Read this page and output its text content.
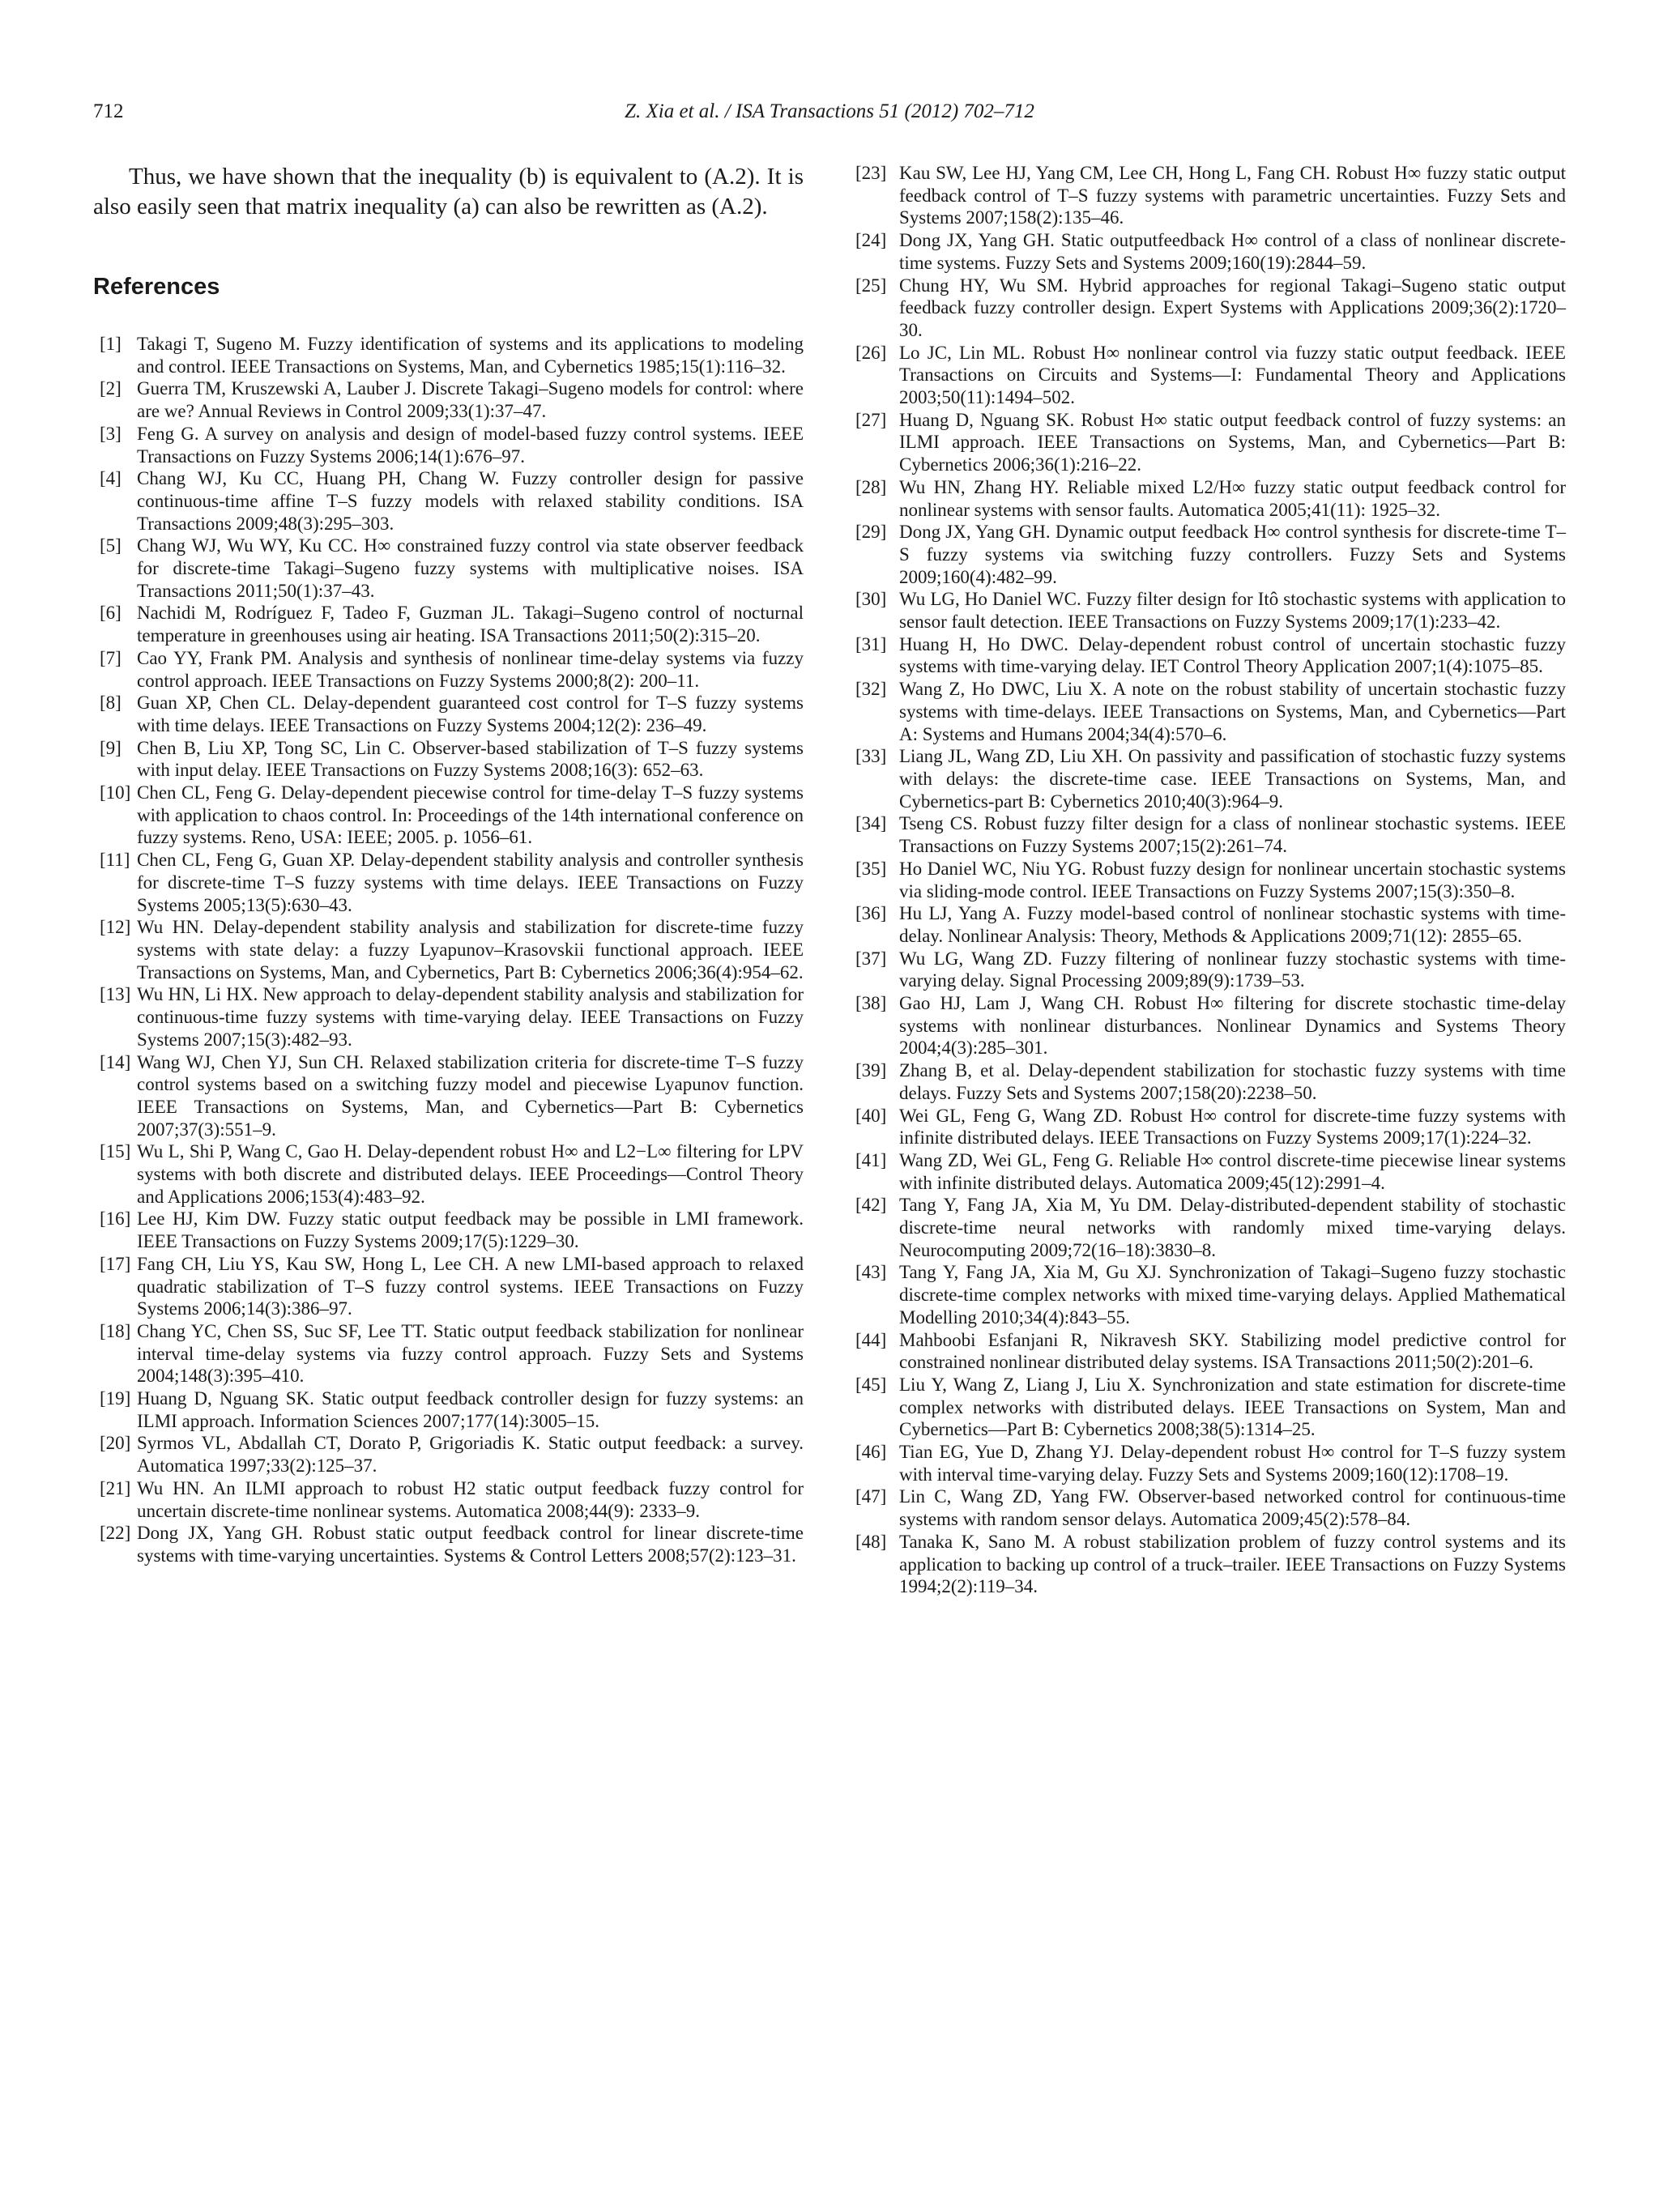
712	Z. Xia et al. / ISA Transactions 51 (2012) 702–712

Thus, we have shown that the inequality (b) is equivalent to (A.2). It is also easily seen that matrix inequality (a) can also be rewritten as (A.2).

References
[1] Takagi T, Sugeno M. Fuzzy identification of systems and its applications to modeling and control. IEEE Transactions on Systems, Man, and Cybernetics 1985;15(1):116–32.
[2] Guerra TM, Kruszewski A, Lauber J. Discrete Takagi–Sugeno models for control: where are we? Annual Reviews in Control 2009;33(1):37–47.
[3] Feng G. A survey on analysis and design of model-based fuzzy control systems. IEEE Transactions on Fuzzy Systems 2006;14(1):676–97.
[4] Chang WJ, Ku CC, Huang PH, Chang W. Fuzzy controller design for passive continuous-time affine T–S fuzzy models with relaxed stability conditions. ISA Transactions 2009;48(3):295–303.
[5] Chang WJ, Wu WY, Ku CC. H∞ constrained fuzzy control via state observer feedback for discrete-time Takagi–Sugeno fuzzy systems with multiplicative noises. ISA Transactions 2011;50(1):37–43.
[6] Nachidi M, Rodríguez F, Tadeo F, Guzman JL. Takagi–Sugeno control of nocturnal temperature in greenhouses using air heating. ISA Transactions 2011;50(2):315–20.
[7] Cao YY, Frank PM. Analysis and synthesis of nonlinear time-delay systems via fuzzy control approach. IEEE Transactions on Fuzzy Systems 2000;8(2): 200–11.
[8] Guan XP, Chen CL. Delay-dependent guaranteed cost control for T–S fuzzy systems with time delays. IEEE Transactions on Fuzzy Systems 2004;12(2): 236–49.
[9] Chen B, Liu XP, Tong SC, Lin C. Observer-based stabilization of T–S fuzzy systems with input delay. IEEE Transactions on Fuzzy Systems 2008;16(3): 652–63.
[10] Chen CL, Feng G. Delay-dependent piecewise control for time-delay T–S fuzzy systems with application to chaos control. In: Proceedings of the 14th international conference on fuzzy systems. Reno, USA: IEEE; 2005. p. 1056–61.
[11] Chen CL, Feng G, Guan XP. Delay-dependent stability analysis and controller synthesis for discrete-time T–S fuzzy systems with time delays. IEEE Transactions on Fuzzy Systems 2005;13(5):630–43.
[12] Wu HN. Delay-dependent stability analysis and stabilization for discrete-time fuzzy systems with state delay: a fuzzy Lyapunov–Krasovskii functional approach. IEEE Transactions on Systems, Man, and Cybernetics, Part B: Cybernetics 2006;36(4):954–62.
[13] Wu HN, Li HX. New approach to delay-dependent stability analysis and stabilization for continuous-time fuzzy systems with time-varying delay. IEEE Transactions on Fuzzy Systems 2007;15(3):482–93.
[14] Wang WJ, Chen YJ, Sun CH. Relaxed stabilization criteria for discrete-time T–S fuzzy control systems based on a switching fuzzy model and piecewise Lyapunov function. IEEE Transactions on Systems, Man, and Cybernetics—Part B: Cybernetics 2007;37(3):551–9.
[15] Wu L, Shi P, Wang C, Gao H. Delay-dependent robust H∞ and L2−L∞ filtering for LPV systems with both discrete and distributed delays. IEEE Proceedings—Control Theory and Applications 2006;153(4):483–92.
[16] Lee HJ, Kim DW. Fuzzy static output feedback may be possible in LMI framework. IEEE Transactions on Fuzzy Systems 2009;17(5):1229–30.
[17] Fang CH, Liu YS, Kau SW, Hong L, Lee CH. A new LMI-based approach to relaxed quadratic stabilization of T–S fuzzy control systems. IEEE Transactions on Fuzzy Systems 2006;14(3):386–97.
[18] Chang YC, Chen SS, Suc SF, Lee TT. Static output feedback stabilization for nonlinear interval time-delay systems via fuzzy control approach. Fuzzy Sets and Systems 2004;148(3):395–410.
[19] Huang D, Nguang SK. Static output feedback controller design for fuzzy systems: an ILMI approach. Information Sciences 2007;177(14):3005–15.
[20] Syrmos VL, Abdallah CT, Dorato P, Grigoriadis K. Static output feedback: a survey. Automatica 1997;33(2):125–37.
[21] Wu HN. An ILMI approach to robust H2 static output feedback fuzzy control for uncertain discrete-time nonlinear systems. Automatica 2008;44(9): 2333–9.
[22] Dong JX, Yang GH. Robust static output feedback control for linear discrete-time systems with time-varying uncertainties. Systems & Control Letters 2008;57(2):123–31.
[23] Kau SW, Lee HJ, Yang CM, Lee CH, Hong L, Fang CH. Robust H∞ fuzzy static output feedback control of T–S fuzzy systems with parametric uncertainties. Fuzzy Sets and Systems 2007;158(2):135–46.
[24] Dong JX, Yang GH. Static outputfeedback H∞ control of a class of nonlinear discrete-time systems. Fuzzy Sets and Systems 2009;160(19):2844–59.
[25] Chung HY, Wu SM. Hybrid approaches for regional Takagi–Sugeno static output feedback fuzzy controller design. Expert Systems with Applications 2009;36(2):1720–30.
[26] Lo JC, Lin ML. Robust H∞ nonlinear control via fuzzy static output feedback. IEEE Transactions on Circuits and Systems—I: Fundamental Theory and Applications 2003;50(11):1494–502.
[27] Huang D, Nguang SK. Robust H∞ static output feedback control of fuzzy systems: an ILMI approach. IEEE Transactions on Systems, Man, and Cybernetics—Part B: Cybernetics 2006;36(1):216–22.
[28] Wu HN, Zhang HY. Reliable mixed L2/H∞ fuzzy static output feedback control for nonlinear systems with sensor faults. Automatica 2005;41(11): 1925–32.
[29] Dong JX, Yang GH. Dynamic output feedback H∞ control synthesis for discrete-time T–S fuzzy systems via switching fuzzy controllers. Fuzzy Sets and Systems 2009;160(4):482–99.
[30] Wu LG, Ho Daniel WC. Fuzzy filter design for Itô stochastic systems with application to sensor fault detection. IEEE Transactions on Fuzzy Systems 2009;17(1):233–42.
[31] Huang H, Ho DWC. Delay-dependent robust control of uncertain stochastic fuzzy systems with time-varying delay. IET Control Theory Application 2007;1(4):1075–85.
[32] Wang Z, Ho DWC, Liu X. A note on the robust stability of uncertain stochastic fuzzy systems with time-delays. IEEE Transactions on Systems, Man, and Cybernetics—Part A: Systems and Humans 2004;34(4):570–6.
[33] Liang JL, Wang ZD, Liu XH. On passivity and passification of stochastic fuzzy systems with delays: the discrete-time case. IEEE Transactions on Systems, Man, and Cybernetics-part B: Cybernetics 2010;40(3):964–9.
[34] Tseng CS. Robust fuzzy filter design for a class of nonlinear stochastic systems. IEEE Transactions on Fuzzy Systems 2007;15(2):261–74.
[35] Ho Daniel WC, Niu YG. Robust fuzzy design for nonlinear uncertain stochastic systems via sliding-mode control. IEEE Transactions on Fuzzy Systems 2007;15(3):350–8.
[36] Hu LJ, Yang A. Fuzzy model-based control of nonlinear stochastic systems with time-delay. Nonlinear Analysis: Theory, Methods & Applications 2009;71(12): 2855–65.
[37] Wu LG, Wang ZD. Fuzzy filtering of nonlinear fuzzy stochastic systems with time-varying delay. Signal Processing 2009;89(9):1739–53.
[38] Gao HJ, Lam J, Wang CH. Robust H∞ filtering for discrete stochastic time-delay systems with nonlinear disturbances. Nonlinear Dynamics and Systems Theory 2004;4(3):285–301.
[39] Zhang B, et al. Delay-dependent stabilization for stochastic fuzzy systems with time delays. Fuzzy Sets and Systems 2007;158(20):2238–50.
[40] Wei GL, Feng G, Wang ZD. Robust H∞ control for discrete-time fuzzy systems with infinite distributed delays. IEEE Transactions on Fuzzy Systems 2009;17(1):224–32.
[41] Wang ZD, Wei GL, Feng G. Reliable H∞ control discrete-time piecewise linear systems with infinite distributed delays. Automatica 2009;45(12):2991–4.
[42] Tang Y, Fang JA, Xia M, Yu DM. Delay-distributed-dependent stability of stochastic discrete-time neural networks with randomly mixed time-varying delays. Neurocomputing 2009;72(16–18):3830–8.
[43] Tang Y, Fang JA, Xia M, Gu XJ. Synchronization of Takagi–Sugeno fuzzy stochastic discrete-time complex networks with mixed time-varying delays. Applied Mathematical Modelling 2010;34(4):843–55.
[44] Mahboobi Esfanjani R, Nikravesh SKY. Stabilizing model predictive control for constrained nonlinear distributed delay systems. ISA Transactions 2011;50(2):201–6.
[45] Liu Y, Wang Z, Liang J, Liu X. Synchronization and state estimation for discrete-time complex networks with distributed delays. IEEE Transactions on System, Man and Cybernetics—Part B: Cybernetics 2008;38(5):1314–25.
[46] Tian EG, Yue D, Zhang YJ. Delay-dependent robust H∞ control for T–S fuzzy system with interval time-varying delay. Fuzzy Sets and Systems 2009;160(12):1708–19.
[47] Lin C, Wang ZD, Yang FW. Observer-based networked control for continuous-time systems with random sensor delays. Automatica 2009;45(2):578–84.
[48] Tanaka K, Sano M. A robust stabilization problem of fuzzy control systems and its application to backing up control of a truck–trailer. IEEE Transactions on Fuzzy Systems 1994;2(2):119–34.
